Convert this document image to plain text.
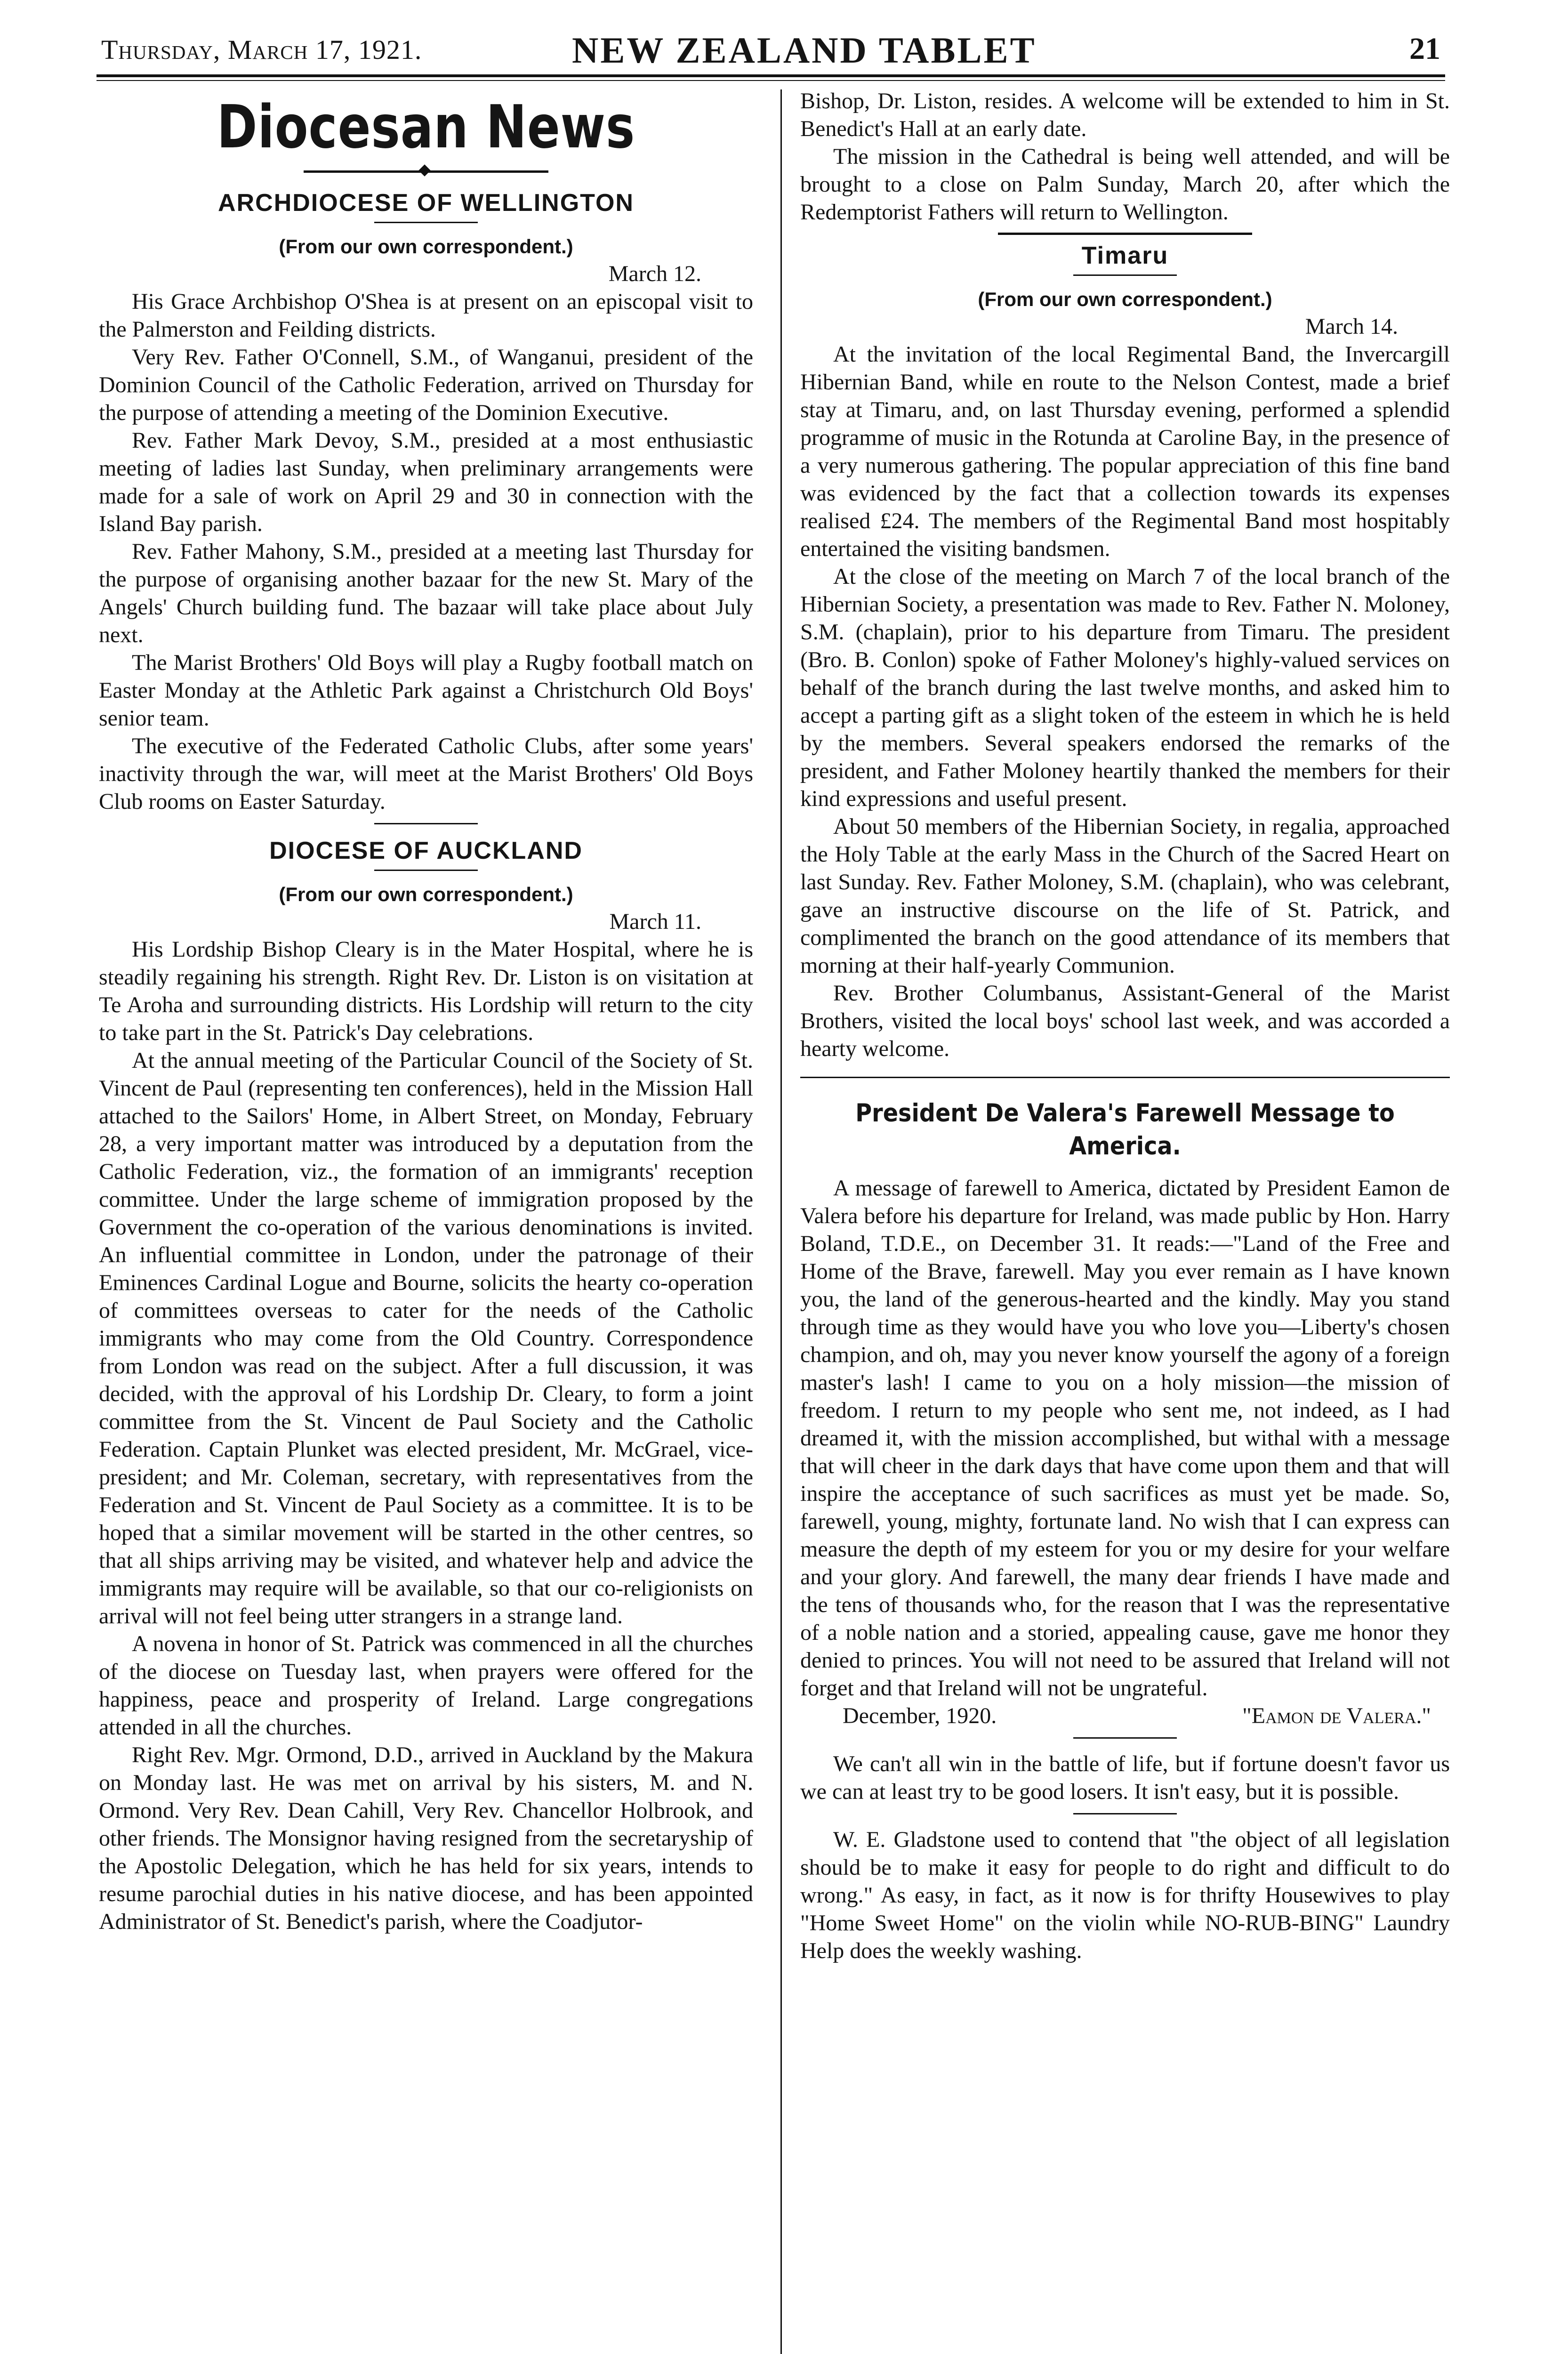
Thursday, March 17, 1921.	NEW ZEALAND TABLET	21
Diocesan News
ARCHDIOCESE OF WELLINGTON
(From our own correspondent.)

March 12.

His Grace Archbishop O'Shea is at present on an episcopal visit to the Palmerston and Feilding districts.

Very Rev. Father O'Connell, S.M., of Wanganui, president of the Dominion Council of the Catholic Federation, arrived on Thursday for the purpose of attending a meeting of the Dominion Executive.

Rev. Father Mark Devoy, S.M., presided at a most enthusiastic meeting of ladies last Sunday, when preliminary arrangements were made for a sale of work on April 29 and 30 in connection with the Island Bay parish.

Rev. Father Mahony, S.M., presided at a meeting last Thursday for the purpose of organising another bazaar for the new St. Mary of the Angels' Church building fund. The bazaar will take place about July next.

The Marist Brothers' Old Boys will play a Rugby football match on Easter Monday at the Athletic Park against a Christchurch Old Boys' senior team.

The executive of the Federated Catholic Clubs, after some years' inactivity through the war, will meet at the Marist Brothers' Old Boys Club rooms on Easter Saturday.

DIOCESE OF AUCKLAND
(From our own correspondent.)

March 11.

His Lordship Bishop Cleary is in the Mater Hospital, where he is steadily regaining his strength. Right Rev. Dr. Liston is on visitation at Te Aroha and surrounding districts. His Lordship will return to the city to take part in the St. Patrick's Day celebrations.

At the annual meeting of the Particular Council of the Society of St. Vincent de Paul (representing ten conferences), held in the Mission Hall attached to the Sailors' Home, in Albert Street, on Monday, February 28, a very important matter was introduced by a deputation from the Catholic Federation, viz., the formation of an immigrants' reception committee. Under the large scheme of immigration proposed by the Government the co-operation of the various denominations is invited. An influential committee in London, under the patronage of their Eminences Cardinal Logue and Bourne, solicits the hearty co-operation of committees overseas to cater for the needs of the Catholic immigrants who may come from the Old Country. Correspondence from London was read on the subject. After a full discussion, it was decided, with the approval of his Lordship Dr. Cleary, to form a joint committee from the St. Vincent de Paul Society and the Catholic Federation. Captain Plunket was elected president, Mr. McGrael, vice-president; and Mr. Coleman, secretary, with representatives from the Federation and St. Vincent de Paul Society as a committee. It is to be hoped that a similar movement will be started in the other centres, so that all ships arriving may be visited, and whatever help and advice the immigrants may require will be available, so that our co-religionists on arrival will not feel being utter strangers in a strange land.

A novena in honor of St. Patrick was commenced in all the churches of the diocese on Tuesday last, when prayers were offered for the happiness, peace and prosperity of Ireland. Large congregations attended in all the churches.

Right Rev. Mgr. Ormond, D.D., arrived in Auckland by the Makura on Monday last. He was met on arrival by his sisters, M. and N. Ormond. Very Rev. Dean Cahill, Very Rev. Chancellor Holbrook, and other friends. The Monsignor having resigned from the secretaryship of the Apostolic Delegation, which he has held for six years, intends to resume parochial duties in his native diocese, and has been appointed Administrator of St. Benedict's parish, where the Coadjutor-

Bishop, Dr. Liston, resides. A welcome will be extended to him in St. Benedict's Hall at an early date.

The mission in the Cathedral is being well attended, and will be brought to a close on Palm Sunday, March 20, after which the Redemptorist Fathers will return to Wellington.

Timaru
(From our own correspondent.)

March 14.

At the invitation of the local Regimental Band, the Invercargill Hibernian Band, while en route to the Nelson Contest, made a brief stay at Timaru, and, on last Thursday evening, performed a splendid programme of music in the Rotunda at Caroline Bay, in the presence of a very numerous gathering. The popular appreciation of this fine band was evidenced by the fact that a collection towards its expenses realised £24. The members of the Regimental Band most hospitably entertained the visiting bandsmen.

At the close of the meeting on March 7 of the local branch of the Hibernian Society, a presentation was made to Rev. Father N. Moloney, S.M. (chaplain), prior to his departure from Timaru. The president (Bro. B. Conlon) spoke of Father Moloney's highly-valued services on behalf of the branch during the last twelve months, and asked him to accept a parting gift as a slight token of the esteem in which he is held by the members. Several speakers endorsed the remarks of the president, and Father Moloney heartily thanked the members for their kind expressions and useful present.

About 50 members of the Hibernian Society, in regalia, approached the Holy Table at the early Mass in the Church of the Sacred Heart on last Sunday. Rev. Father Moloney, S.M. (chaplain), who was celebrant, gave an instructive discourse on the life of St. Patrick, and complimented the branch on the good attendance of its members that morning at their half-yearly Communion.

Rev. Brother Columbanus, Assistant-General of the Marist Brothers, visited the local boys' school last week, and was accorded a hearty welcome.

President De Valera's Farewell Message to America.

A message of farewell to America, dictated by President Eamon de Valera before his departure for Ireland, was made public by Hon. Harry Boland, T.D.E., on December 31. It reads:—"Land of the Free and Home of the Brave, farewell. May you ever remain as I have known you, the land of the generous-hearted and the kindly. May you stand through time as they would have you who love you—Liberty's chosen champion, and oh, may you never know yourself the agony of a foreign master's lash! I came to you on a holy mission—the mission of freedom. I return to my people who sent me, not indeed, as I had dreamed it, with the mission accomplished, but withal with a message that will cheer in the dark days that have come upon them and that will inspire the acceptance of such sacrifices as must yet be made. So, farewell, young, mighty, fortunate land. No wish that I can express can measure the depth of my esteem for you or my desire for your welfare and your glory. And farewell, the many dear friends I have made and the tens of thousands who, for the reason that I was the representative of a noble nation and a storied, appealing cause, gave me honor they denied to princes. You will not need to be assured that Ireland will not forget and that Ireland will not be ungrateful.

December, 1920.	"Eamon de Valera."

We can't all win in the battle of life, but if fortune doesn't favor us we can at least try to be good losers. It isn't easy, but it is possible.

W. E. Gladstone used to contend that "the object of all legislation should be to make it easy for people to do right and difficult to do wrong." As easy, in fact, as it now is for thrifty Housewives to play "Home Sweet Home" on the violin while NO-RUB-BING" Laundry Help does the weekly washing.
